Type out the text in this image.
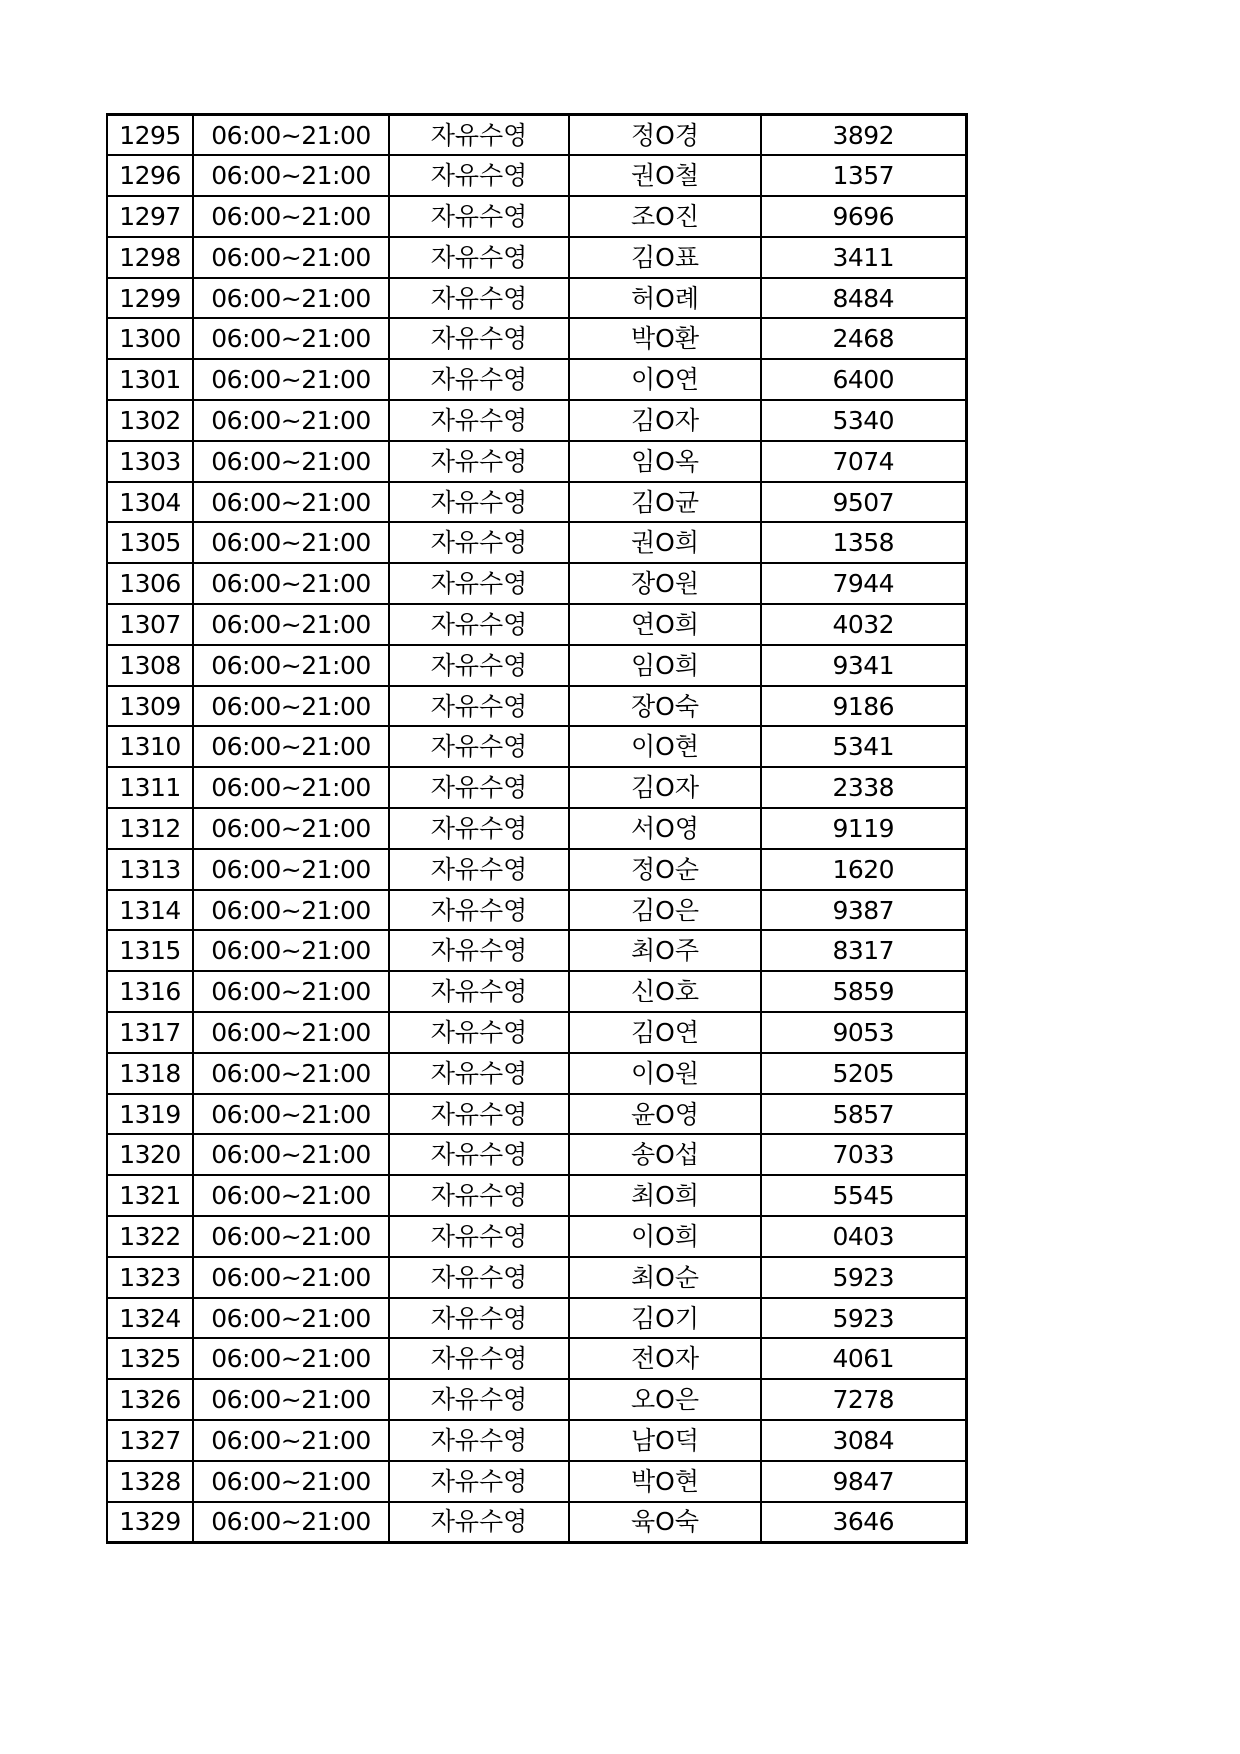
1295	06:00~21:00	자유수영	정O경	3892
1296	06:00~21:00	자유수영	권O철	1357
1297	06:00~21:00	자유수영	조O진	9696
1298	06:00~21:00	자유수영	김O표	3411
1299	06:00~21:00	자유수영	허O례	8484
1300	06:00~21:00	자유수영	박O환	2468
1301	06:00~21:00	자유수영	이O연	6400
1302	06:00~21:00	자유수영	김O자	5340
1303	06:00~21:00	자유수영	임O옥	7074
1304	06:00~21:00	자유수영	김O균	9507
1305	06:00~21:00	자유수영	권O희	1358
1306	06:00~21:00	자유수영	장O원	7944
1307	06:00~21:00	자유수영	연O희	4032
1308	06:00~21:00	자유수영	임O희	9341
1309	06:00~21:00	자유수영	장O숙	9186
1310	06:00~21:00	자유수영	이O현	5341
1311	06:00~21:00	자유수영	김O자	2338
1312	06:00~21:00	자유수영	서O영	9119
1313	06:00~21:00	자유수영	정O순	1620
1314	06:00~21:00	자유수영	김O은	9387
1315	06:00~21:00	자유수영	최O주	8317
1316	06:00~21:00	자유수영	신O호	5859
1317	06:00~21:00	자유수영	김O연	9053
1318	06:00~21:00	자유수영	이O원	5205
1319	06:00~21:00	자유수영	윤O영	5857
1320	06:00~21:00	자유수영	송O섭	7033
1321	06:00~21:00	자유수영	최O희	5545
1322	06:00~21:00	자유수영	이O희	0403
1323	06:00~21:00	자유수영	최O순	5923
1324	06:00~21:00	자유수영	김O기	5923
1325	06:00~21:00	자유수영	전O자	4061
1326	06:00~21:00	자유수영	오O은	7278
1327	06:00~21:00	자유수영	남O덕	3084
1328	06:00~21:00	자유수영	박O현	9847
1329	06:00~21:00	자유수영	육O숙	3646
